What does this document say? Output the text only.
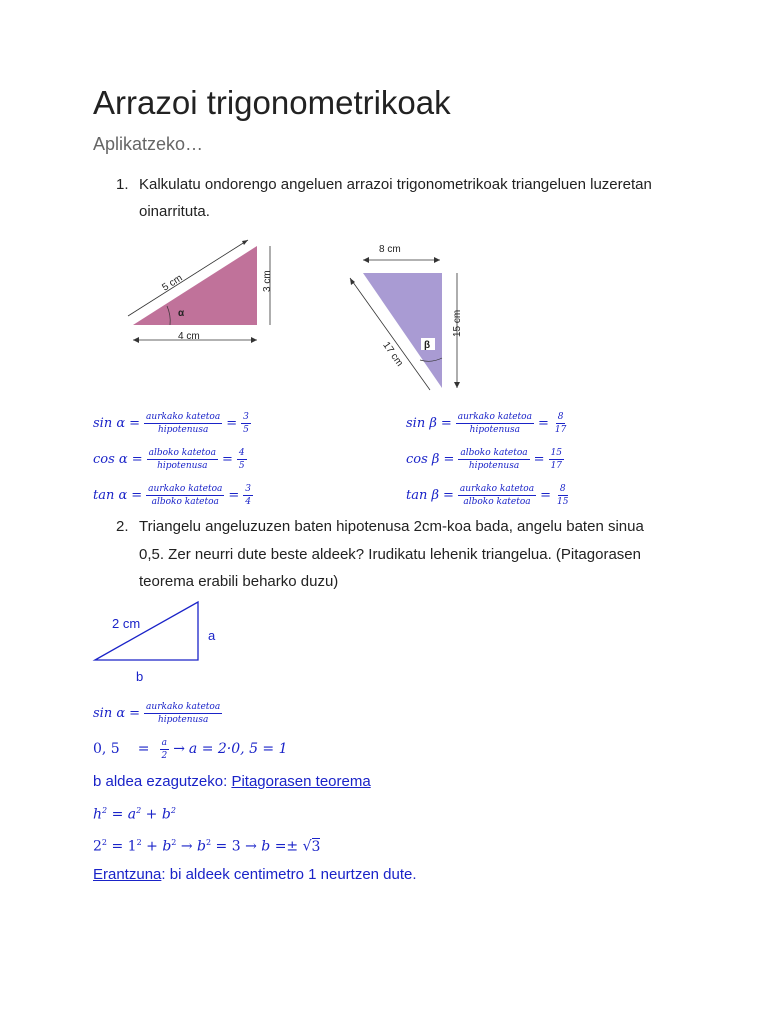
Arrazoi trigonometrikoak
Aplikatzeko…
1. Kalkulatu ondorengo angeluen arrazoi trigonometrikoak triangeluen luzeretan
oinarrituta.
5 cm
α
3 cm
4 cm
8 cm
β
15 cm
17 cm
$\sin \alpha = \frac{\text{aurkako katetoa}}{\text{hipotenusa}} = \frac{3}{5}$
$\cos \alpha = \frac{\text{alboko katetoa}}{\text{hipotenusa}} = \frac{4}{5}$
$\tan \alpha = \frac{\text{aurkako katetoa}}{\text{alboko katetoa}} = \frac{3}{4}$
$\sin \beta = \frac{\text{aurkako katetoa}}{\text{hipotenusa}} = \frac{8}{17}$
$\cos \beta = \frac{\text{alboko katetoa}}{\text{hipotenusa}} = \frac{15}{17}$
$\tan \beta = \frac{\text{aurkako katetoa}}{\text{alboko katetoa}} = \frac{8}{15}$
2. Triangelu angeluzuzen baten hipotenusa 2cm-koa bada, angelu baten sinua
0,5. Zer neurri dute beste aldeek? Irudikatu lehenik triangelua. (Pitagorasen
teorema erabili beharko duzu)
2 cm
a
b
$\sin \alpha = \frac{\text{aurkako katetoa}}{\text{hipotenusa}}$
0, $5 = \frac{a}{2} \to a = 2\cdot 0$, 5 = 1
b aldea ezagutzeko: Pitagorasen teorema
$h^2 = a^2 + b^2$
$2^2 = 1^2 + b^2 \to b^2 = 3 \to b =\pm √3$
Erantzuna: bi aldeek centimetro 1 neurtzen dute.
